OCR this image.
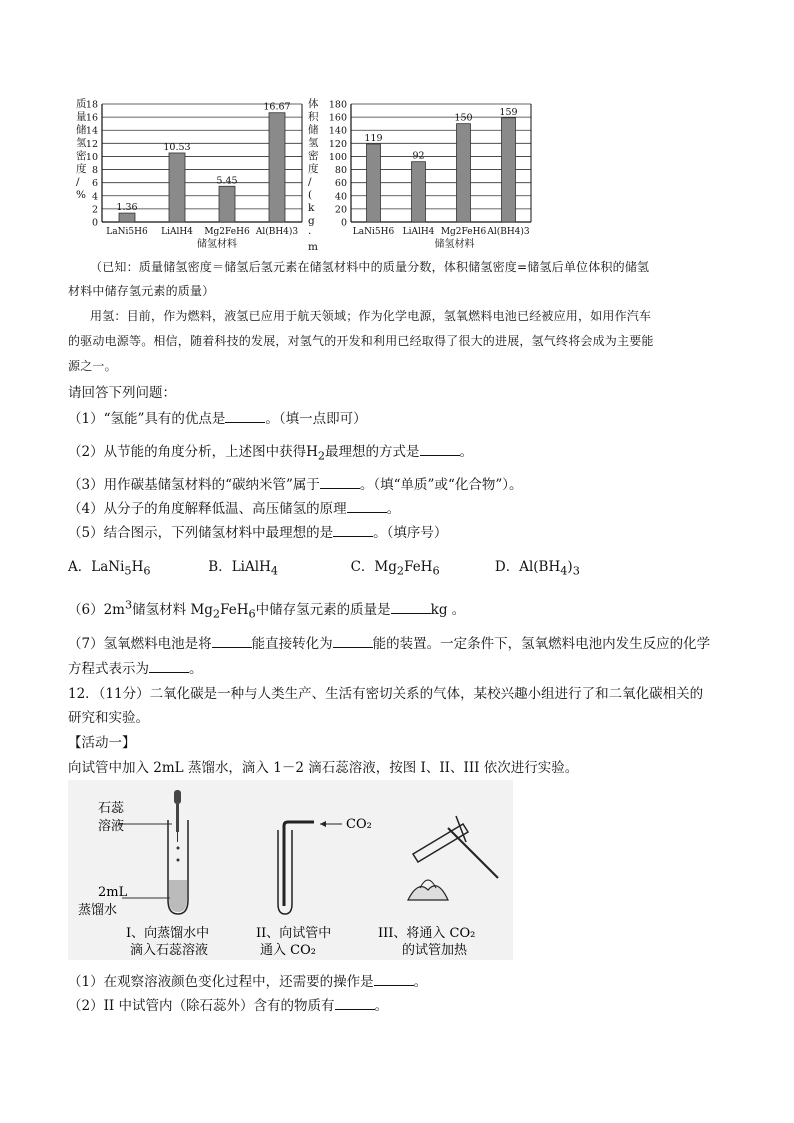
质量储氢密度/ %
0
2
4
6
8
10
12
14
16
18
1.36
LaNi5H6
10.53
LiAlH4
5.45
Mg2FeH6
16.67
Al(BH4)3
储氢材料
体积储氢密度/ ( k g · m
0
20
40
60
80
100
120
140
160
180
119
LaNi5H6
92
LiAlH4
150
Mg2FeH6
159
Al(BH4)3
储氢材料
（已知：质量储氢密度＝储氢后氢元素在储氢材料中的质量分数，体积储氢密度=储氢后单位体积的储氢
材料中储存氢元素的质量）
用氢：目前，作为燃料，液氢已应用于航天领域；作为化学电源，氢氧燃料电池已经被应用，如用作汽车
的驱动电源等。相信，随着科技的发展，对氢气的开发和利用已经取得了很大的进展，氢气终将会成为主要能
源之一。
请回答下列问题：
（1）“氢能”具有的优点是	。（填一点即可）
（2）从节能的角度分析，上述图中获得$H_2$最理想的方式是	。
（3）用作碳基储氢材料的“碳纳米管”属于	。（填“单质”或“化合物”）。
（4）从分子的角度解释低温、高压储氢的原理	。
（5）结合图示，下列储氢材料中最理想的是	。（填序号）
A．$LaNi_5H_6$	B．LiAlH$_4$	C．$Mg_2FeH_6$	D．$Al(BH_4)_3$
$(6)2m^3$储氢材料 $Mg_2FeH_6$中储存氢元素的质量是	kg 。
（7）氢氧燃料电池是将	能直接转化为	能的装置。一定条件下，氢氧燃料电池内发生反应的化学
方程式表示为	。
12．（11分）二氧化碳是一种与人类生产、生活有密切关系的气体，某校兴趣小组进行了和二氧化碳相关的
研究和实验。
【活动一】
向试管中加入 2mL 蒸馏水，滴入 1－2 滴石蕊溶液，按图 I、II、III 依次进行实验。
石蕊
溶液
2mL
蒸馏水
I、向蒸馏水中
滴入石蕊溶液
CO₂
II、向试管中
通入 CO₂
III、将通入 CO₂
的试管加热
（1）在观察溶液颜色变化过程中，还需要的操作是	。
（2）II 中试管内（除石蕊外）含有的物质有	。
